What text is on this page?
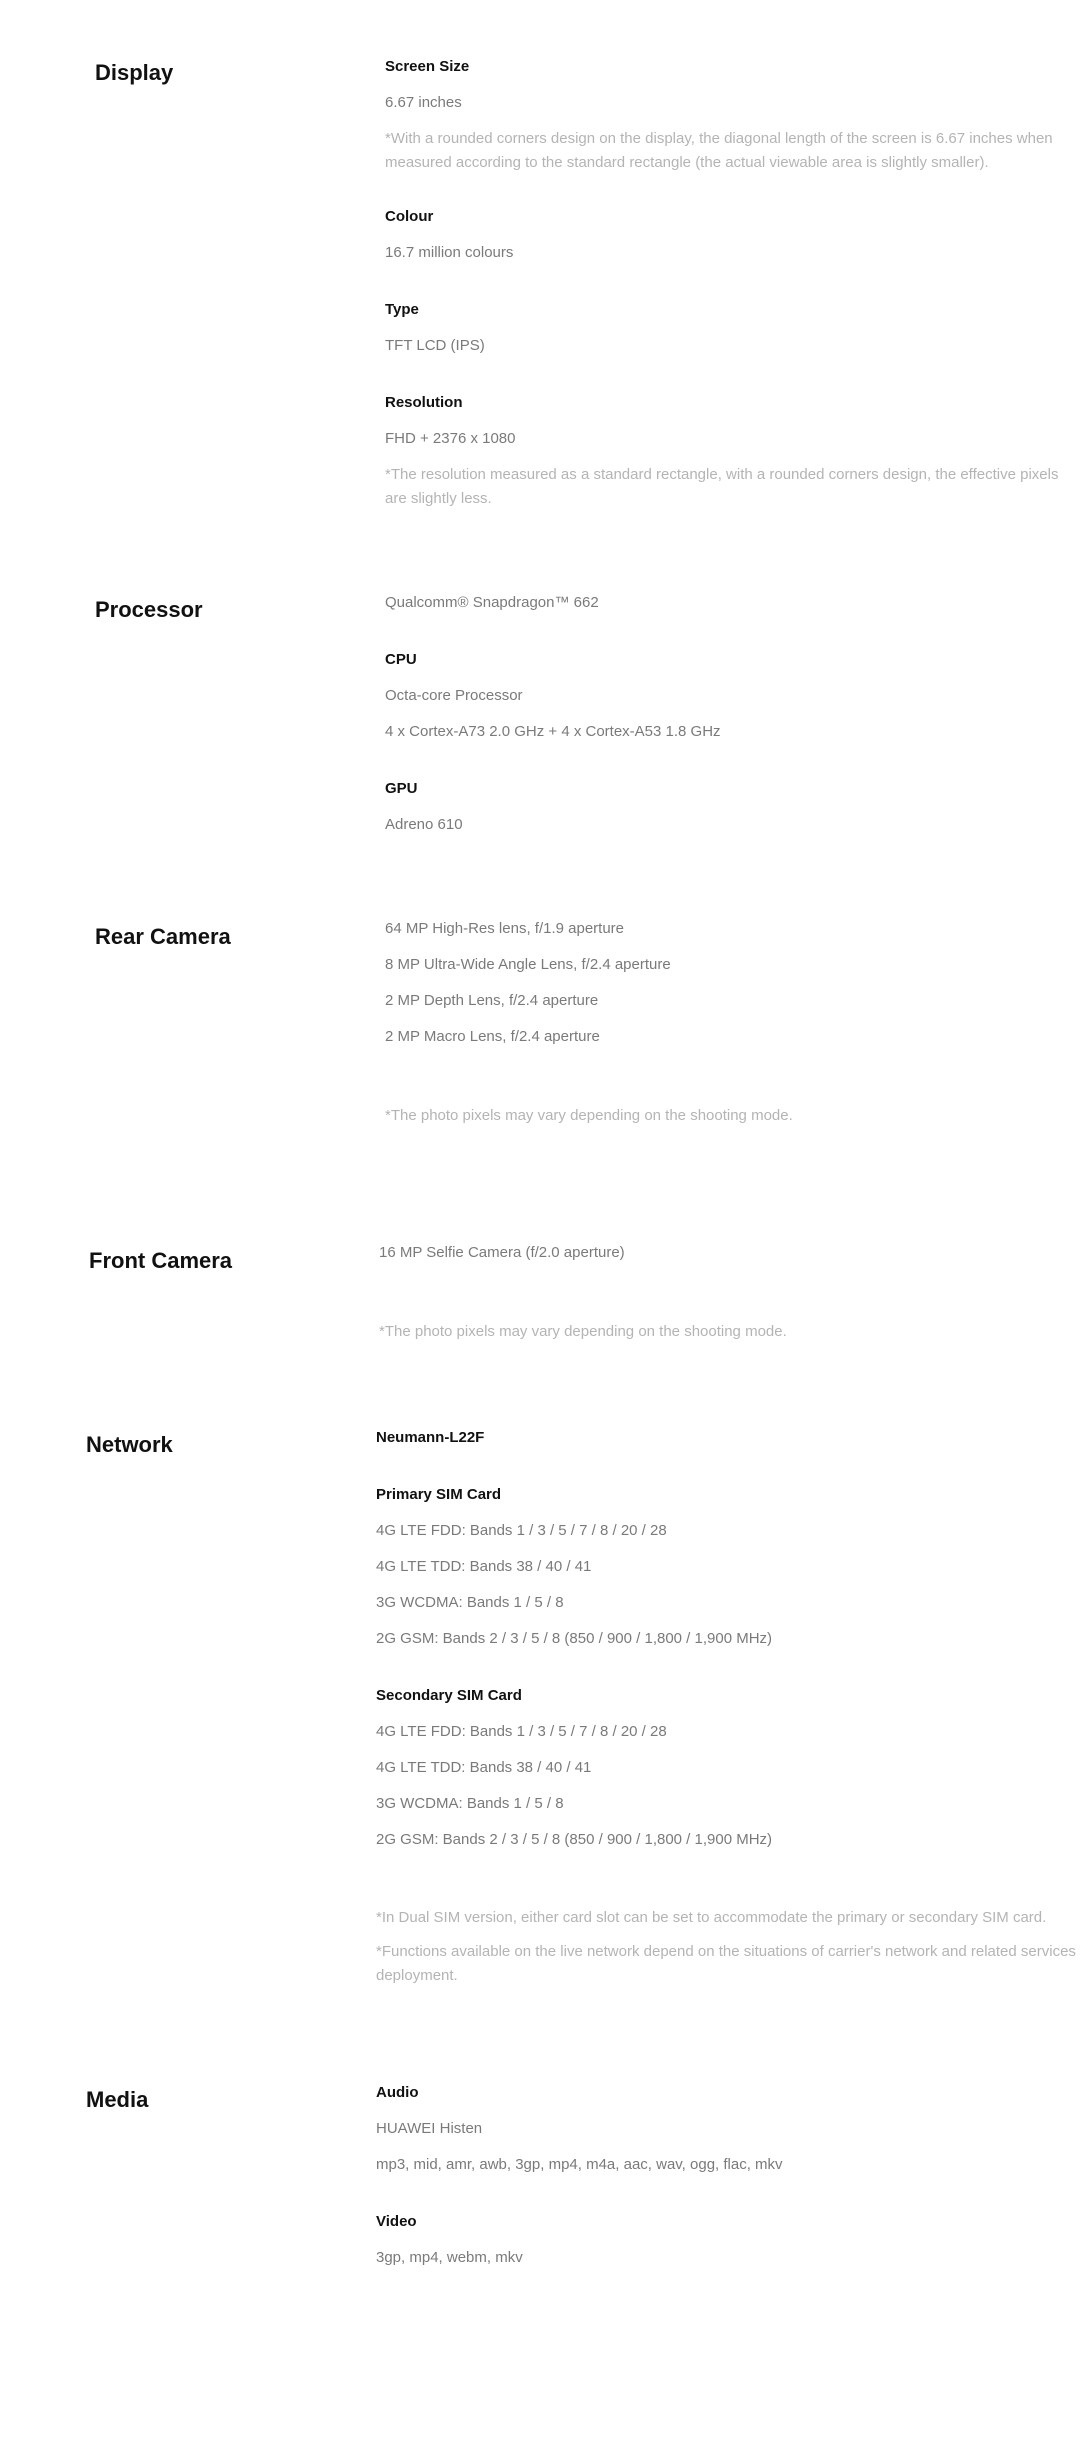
Display	Screen Size
6.67 inches
*With a rounded corners design on the display, the diagonal length of the screen is 6.67 inches when measured according to the standard rectangle (the actual viewable area is slightly smaller).
Colour
16.7 million colours
Type
TFT LCD (IPS)
Resolution
FHD + 2376 x 1080
*The resolution measured as a standard rectangle, with a rounded corners design, the effective pixels are slightly less.
Processor	Qualcomm® Snapdragon™ 662
CPU
Octa-core Processor
4 x Cortex-A73 2.0 GHz + 4 x Cortex-A53 1.8 GHz
GPU
Adreno 610
Rear Camera	64 MP High-Res lens, f/1.9 aperture
8 MP Ultra-Wide Angle Lens, f/2.4 aperture
2 MP Depth Lens, f/2.4 aperture
2 MP Macro Lens, f/2.4 aperture
*The photo pixels may vary depending on the shooting mode.
Front Camera	16 MP Selfie Camera (f/2.0 aperture)
*The photo pixels may vary depending on the shooting mode.
Network	Neumann-L22F
Primary SIM Card
4G LTE FDD: Bands 1 / 3 / 5 / 7 / 8 / 20 / 28
4G LTE TDD: Bands 38 / 40 / 41
3G WCDMA: Bands 1 / 5 / 8
2G GSM: Bands 2 / 3 / 5 / 8 (850 / 900 / 1,800 / 1,900 MHz)
Secondary SIM Card
4G LTE FDD: Bands 1 / 3 / 5 / 7 / 8 / 20 / 28
4G LTE TDD: Bands 38 / 40 / 41
3G WCDMA: Bands 1 / 5 / 8
2G GSM: Bands 2 / 3 / 5 / 8 (850 / 900 / 1,800 / 1,900 MHz)
*In Dual SIM version, either card slot can be set to accommodate the primary or secondary SIM card.
*Functions available on the live network depend on the situations of carrier's network and related services deployment.
Media	Audio
HUAWEI Histen
mp3, mid, amr, awb, 3gp, mp4, m4a, aac, wav, ogg, flac, mkv
Video
3gp, mp4, webm, mkv
